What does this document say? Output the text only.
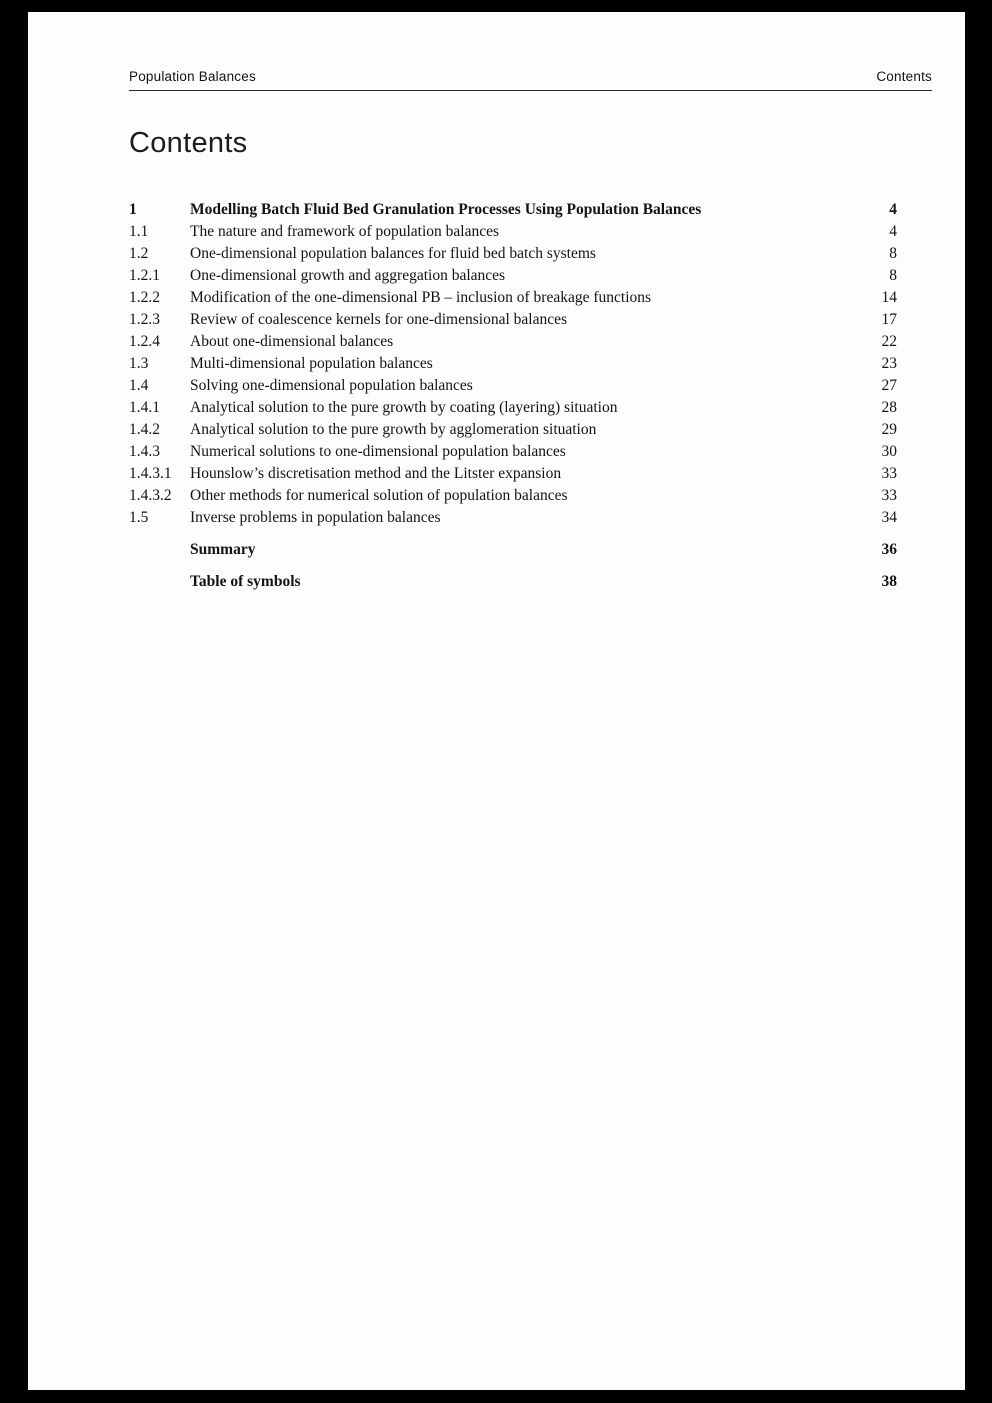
Population Balances	Contents
Contents
1	Modelling Batch Fluid Bed Granulation Processes Using Population Balances	4
1.1	The nature and framework of population balances	4
1.2	One-dimensional population balances for fluid bed batch systems	8
1.2.1	One-dimensional growth and aggregation balances	8
1.2.2	Modification of the one-dimensional PB – inclusion of breakage functions	14
1.2.3	Review of coalescence kernels for one-dimensional balances	17
1.2.4	About one-dimensional balances	22
1.3	Multi-dimensional population balances	23
1.4	Solving one-dimensional population balances	27
1.4.1	Analytical solution to the pure growth by coating (layering) situation	28
1.4.2	Analytical solution to the pure growth by agglomeration situation	29
1.4.3	Numerical solutions to one-dimensional population balances	30
1.4.3.1	Hounslow’s discretisation method and the Litster expansion	33
1.4.3.2	Other methods for numerical solution of population balances	33
1.5	Inverse problems in population balances	34
Summary	36
Table of symbols	38
